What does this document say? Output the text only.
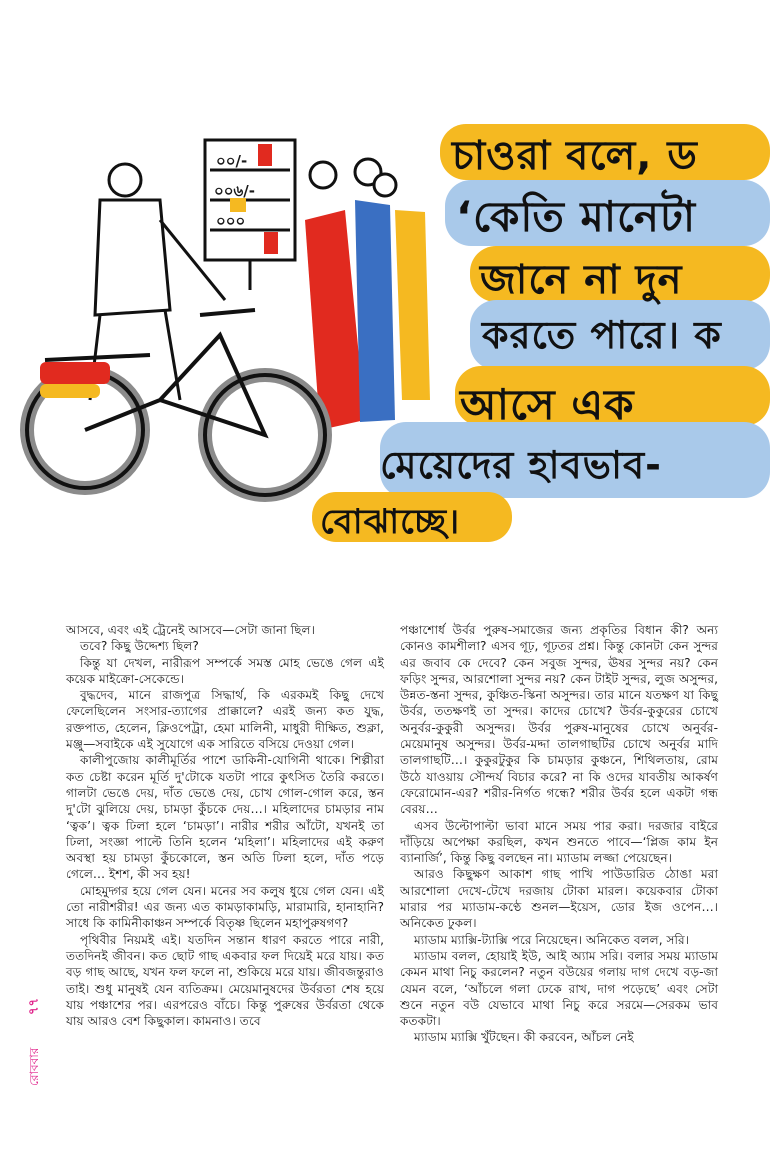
চাওরা বলে, ড
‘কেতি মানেটা
জানে না দুন
করতে পারে। ক
আসে এক
মেয়েদের হাবভাব-
বোঝাচ্ছে।
০০/-
০০৬/-
০০০
৭৭
রোববার

আসবে, এবং এই ট্রেনেই আসবে—সেটা জানা ছিল।

তবে? কিছু উদ্দেশ্য ছিল?

কিন্তু যা দেখল, নারীরূপ সম্পর্কে সমস্ত মোহ ভেঙে গেল এই কয়েক মাইক্রো-সেকেন্ডে।

বুদ্ধদেব, মানে রাজপুত্র সিদ্ধার্থ, কি এরকমই কিছু দেখে ফেলেছিলেন সংসার-ত্যাগের প্রাক্কালে? এরই জন্য কত যুদ্ধ, রক্তপাত, হেলেন, ক্লিওপেট্রা, হেমা মালিনী, মাধুরী দীক্ষিত, শুক্লা, মঞ্জু—সবাইকে এই সুযোগে এক সারিতে বসিয়ে দেওয়া গেল।

কালীপুজোয় কালীমূর্তির পাশে ডাকিনী-যোগিনী থাকে। শিল্পীরা কত চেষ্টা করেন মূর্তি দু'টোকে যতটা পারে কুৎসিত তৈরি করতে। গালটা ভেঙে দেয়, দাঁত ভেঙে দেয়, চোখ গোল-গোল করে, স্তন দু'টো ঝুলিয়ে দেয়, চামড়া কুঁচকে দেয়…। মহিলাদের চামড়ার নাম ‘ত্বক’। ত্বক ঢিলা হলে ‘চামড়া’। নারীর শরীর আঁটো, যখনই তা ঢিলা, সংজ্ঞা পাল্টে তিনি হলেন ‘মহিলা’। মহিলাদের এই করুণ অবস্থা হয় চামড়া কুঁচকোলে, স্তন অতি ঢিলা হলে, দাঁত পড়ে গেলে… ইশশ, কী সব হয়!

মোহমুদ্গর হয়ে গেল যেন। মনের সব কলুষ ধুয়ে গেল যেন। এই তো নারীশরীর! এর জন্য এত কামড়াকামড়ি, মারামারি, হানাহানি? সাধে কি কামিনীকাঞ্চন সম্পর্কে বিতৃষ্ণ ছিলেন মহাপুরুষগণ?

পৃথিবীর নিয়মই এই। যতদিন সন্তান ধারণ করতে পারে নারী, ততদিনই জীবন। কত ছোট গাছ একবার ফল দিয়েই মরে যায়। কত বড় গাছ আছে, যখন ফল ফলে না, শুকিয়ে মরে যায়। জীবজন্তুরাও তাই। শুধু মানুষই যেন ব্যতিক্রম। মেয়েমানুষদের উর্বরতা শেষ হয়ে যায় পঞ্চাশের পর। এরপরেও বাঁচে। কিন্তু পুরুষের উর্বরতা থেকে যায় আরও বেশ কিছুকাল। কামনাও। তবে

পঞ্চাশোর্ধ উর্বর পুরুষ-সমাজের জন্য প্রকৃতির বিধান কী? অন্য কোনও কামশীলা? এসব গূঢ়, গূঢ়তর প্রশ্ন। কিন্তু কোনটা কেন সুন্দর এর জবাব কে দেবে? কেন সবুজ সুন্দর, ঊষর সুন্দর নয়? কেন ফড়িং সুন্দর, আরশোলা সুন্দর নয়? কেন টাইট সুন্দর, লুজ অসুন্দর, উন্নত-স্তনা সুন্দর, কুঞ্চিত-স্কিনা অসুন্দর। তার মানে যতক্ষণ যা কিছু উর্বর, ততক্ষণই তা সুন্দর। কাদের চোখে? উর্বর-কুকুরের চোখে অনুর্বর-কুকুরী অসুন্দর। উর্বর পুরুষ-মানুষের চোখে অনুর্বর-মেয়েমানুষ অসুন্দর। উর্বর-মদ্দা তালগাছটির চোখে অনুর্বর মাদি তালগাছটি…। কুকুরটুকুর কি চামড়ার কুঞ্চনে, শিথিলতায়, রোম উঠে যাওয়ায় সৌন্দর্য বিচার করে? না কি ওদের যাবতীয় আকর্ষণ ফেরোমোন-এর? শরীর-নির্গত গন্ধে? শরীর উর্বর হলে একটা গন্ধ বেরয়…

এসব উল্টোপাল্টা ভাবা মানে সময় পার করা। দরজার বাইরে দাঁড়িয়ে অপেক্ষা করছিল, কখন শুনতে পাবে—‘প্লিজ কাম ইন ব্যানার্জি’, কিন্তু কিছু বলছেন না। ম্যাডাম লজ্জা পেয়েছেন।

আরও কিছুক্ষণ আকাশ গাছ পাখি পাউডারিত ঠোঙা মরা আরশোলা দেখে-টেখে দরজায় টোকা মারল। কয়েকবার টোকা মারার পর ম্যাডাম-কণ্ঠে শুনল—ইয়েস, ডোর ইজ ওপেন…। অনিকেত ঢুকল।

ম্যাডাম ম্যাক্সি-ট্যাক্সি পরে নিয়েছেন। অনিকেত বলল, সরি।

ম্যাডাম বলল, হোয়াই ইউ, আই অ্যাম সরি। বলার সময় ম্যাডাম কেমন মাথা নিচু করলেন? নতুন বউয়ের গলায় দাগ দেখে বড়-জা যেমন বলে, ‘আঁচলে গলা ঢেকে রাখ, দাগ পড়েছে’ এবং সেটা শুনে নতুন বউ যেভাবে মাথা নিচু করে সরমে—সেরকম ভাব কতকটা।

ম্যাডাম ম্যাক্সি খুঁটছেন। কী করবেন, আঁচল নেই
